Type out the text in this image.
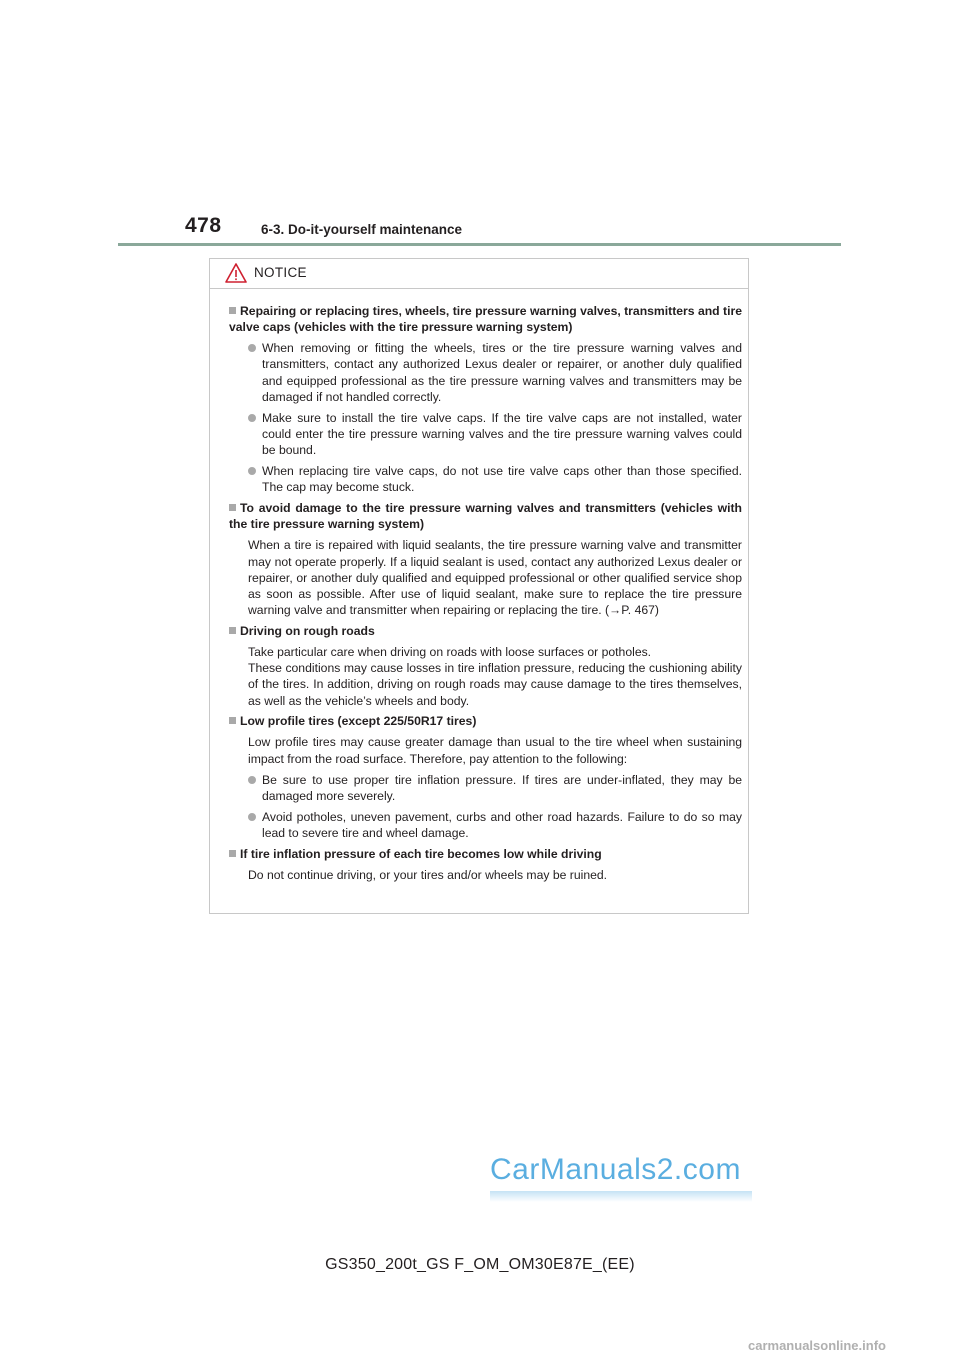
478	6-3. Do-it-yourself maintenance
NOTICE
Repairing or replacing tires, wheels, tire pressure warning valves, transmitters and tire valve caps (vehicles with the tire pressure warning system)
When removing or fitting the wheels, tires or the tire pressure warning valves and transmitters, contact any authorized Lexus dealer or repairer, or another duly qualified and equipped professional as the tire pressure warning valves and transmitters may be damaged if not handled correctly.
Make sure to install the tire valve caps. If the tire valve caps are not installed, water could enter the tire pressure warning valves and the tire pressure warning valves could be bound.
When replacing tire valve caps, do not use tire valve caps other than those specified. The cap may become stuck.
To avoid damage to the tire pressure warning valves and transmitters (vehicles with the tire pressure warning system)
When a tire is repaired with liquid sealants, the tire pressure warning valve and transmitter may not operate properly. If a liquid sealant is used, contact any authorized Lexus dealer or repairer, or another duly qualified and equipped professional or other qualified service shop as soon as possible. After use of liquid sealant, make sure to replace the tire pressure warning valve and transmitter when repairing or replacing the tire. (→P. 467)
Driving on rough roads
Take particular care when driving on roads with loose surfaces or potholes.
These conditions may cause losses in tire inflation pressure, reducing the cushioning ability of the tires. In addition, driving on rough roads may cause damage to the tires themselves, as well as the vehicle’s wheels and body.
Low profile tires (except 225/50R17 tires)
Low profile tires may cause greater damage than usual to the tire wheel when sustaining impact from the road surface. Therefore, pay attention to the following:
Be sure to use proper tire inflation pressure. If tires are under-inflated, they may be damaged more severely.
Avoid potholes, uneven pavement, curbs and other road hazards. Failure to do so may lead to severe tire and wheel damage.
If tire inflation pressure of each tire becomes low while driving
Do not continue driving, or your tires and/or wheels may be ruined.
CarManuals2.com
GS350_200t_GS F_OM_OM30E87E_(EE)
carmanualsonline.info
